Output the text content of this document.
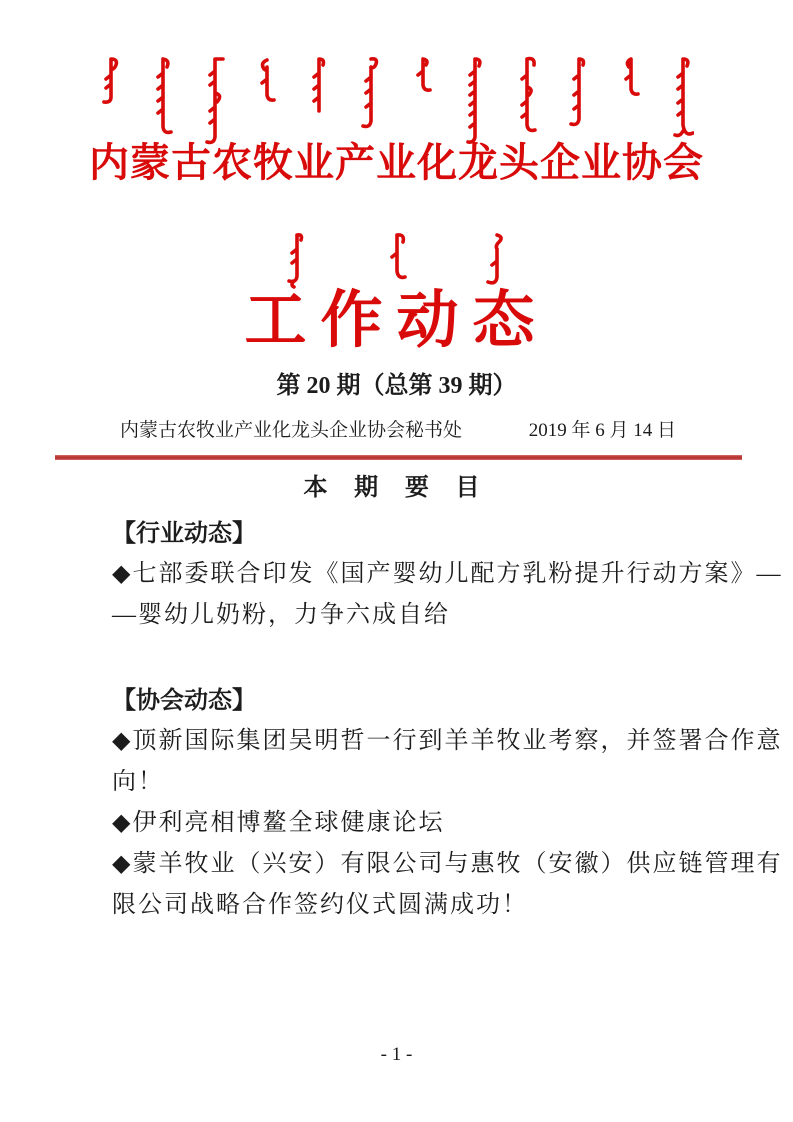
内蒙古农牧业产业化龙头企业协会
工作动态
第 20 期（总第 39 期）
内蒙古农牧业产业化龙头企业协会秘书处	2019 年 6 月 14 日
本 期 要 目
【行业动态】
◆七部委联合印发《国产婴幼儿配方乳粉提升行动方案》—
—婴幼儿奶粉，力争六成自给
【协会动态】
◆顶新国际集团吴明哲一行到羊羊牧业考察，并签署合作意
向！
◆伊利亮相博鳌全球健康论坛
◆蒙羊牧业（兴安）有限公司与惠牧（安徽）供应链管理有
限公司战略合作签约仪式圆满成功！
- 1 -
